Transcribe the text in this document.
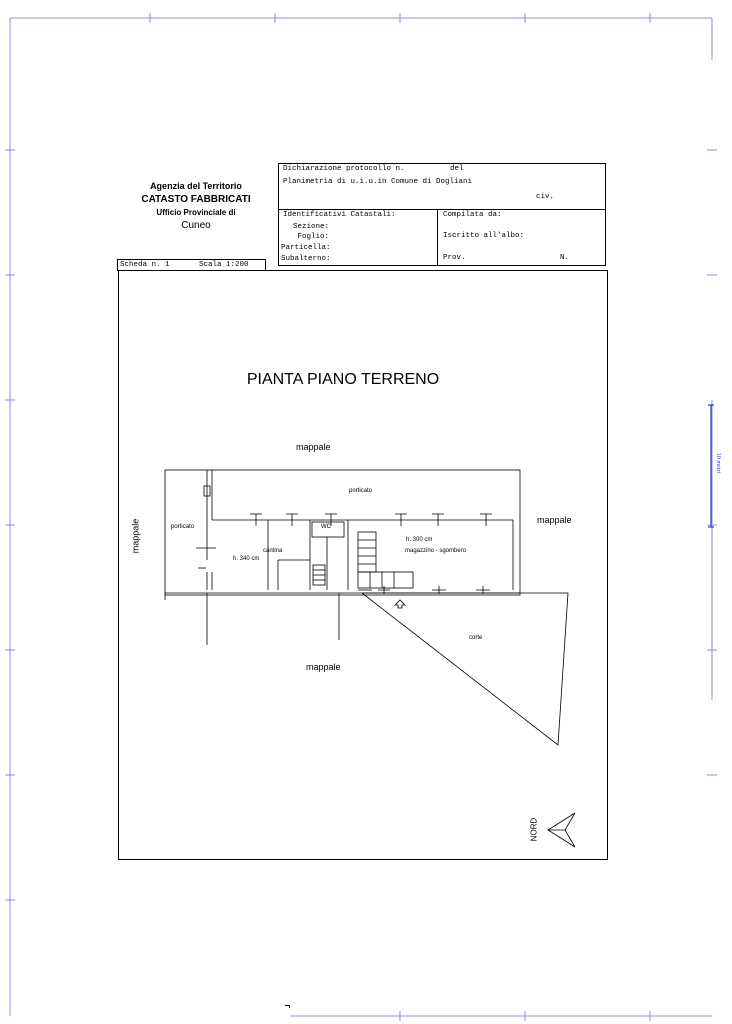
10 metri
Agenzia del Territorio
CATASTO FABBRICATI
Ufficio Provinciale di
Cuneo
Dichiarazione protocollo n.	del
Planimetria di u.i.u.in Comune di Dogliani
civ.
Identificativi Catastali:
Sezione:
Foglio:
Particella:
Subalterno:
Compilata da:
Iscritto all'albo:
Prov.	N.
Scheda n. 1	Scala 1:200
PIANTA PIANO TERRENO
mappale
porticato
mappale
mappale	porticato	WC
h. 300 cm
magazzino - sgombero
cantina
h. 340 cm
corte
mappale
NORD
